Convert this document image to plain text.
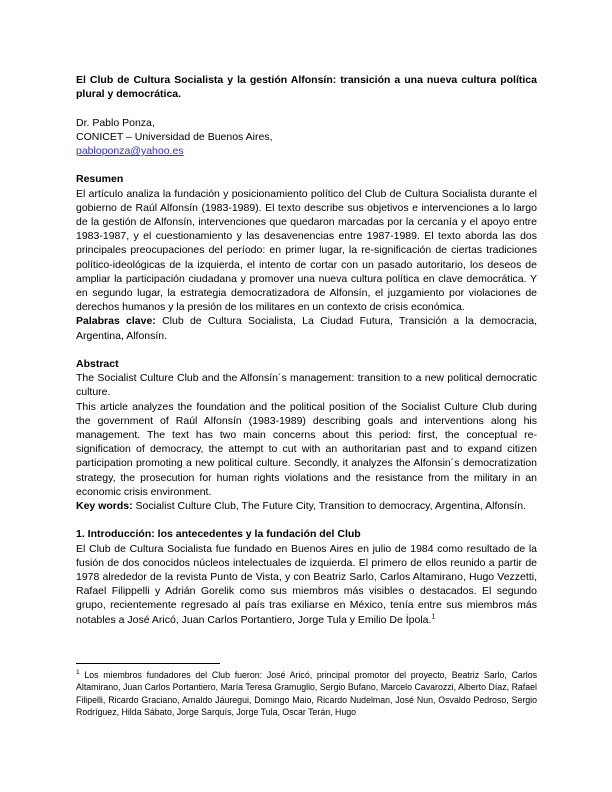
El Club de Cultura Socialista y la gestión Alfonsín: transición a una nueva cultura política plural y democrática.

Dr. Pablo Ponza,

CONICET – Universidad de Buenos Aires,

pabloponza@yahoo.es

Resumen

El artículo analiza la fundación y posicionamiento político del Club de Cultura Socialista durante el gobierno de Raúl Alfonsín (1983-1989). El texto describe sus objetivos e intervenciones a lo largo de la gestión de Alfonsín, intervenciones que quedaron marcadas por la cercanía y el apoyo entre 1983-1987, y el cuestionamiento y las desavenencias entre 1987-1989. El texto aborda las dos principales preocupaciones del período: en primer lugar, la re-significación de ciertas tradiciones político-ideológicas de la izquierda, el intento de cortar con un pasado autoritario, los deseos de ampliar la participación ciudadana y promover una nueva cultura política en clave democrática. Y en segundo lugar, la estrategia democratizadora de Alfonsín, el juzgamiento por violaciones de derechos humanos y la presión de los militares en un contexto de crisis económica.

Palabras clave: Club de Cultura Socialista, La Ciudad Futura, Transición a la democracia, Argentina, Alfonsín.

Abstract

The Socialist Culture Club and the Alfonsín´s management: transition to a new political democratic culture.

This article analyzes the foundation and the political position of the Socialist Culture Club during the government of Raúl Alfonsín (1983-1989) describing goals and interventions along his management. The text has two main concerns about this period: first, the conceptual re-signification of democracy, the attempt to cut with an authoritarian past and to expand citizen participation promoting a new political culture. Secondly, it analyzes the Alfonsin´s democratization strategy, the prosecution for human rights violations and the resistance from the military in an economic crisis environment.

Key words: Socialist Culture Club, The Future City, Transition to democracy, Argentina, Alfonsín.

1. Introducción: los antecedentes y la fundación del Club

El Club de Cultura Socialista fue fundado en Buenos Aires en julio de 1984 como resultado de la fusión de dos conocidos núcleos intelectuales de izquierda. El primero de ellos reunido a partir de 1978 alrededor de la revista Punto de Vista, y con Beatriz Sarlo, Carlos Altamirano, Hugo Vezzetti, Rafael Filippelli y Adrián Gorelik como sus miembros más visibles o destacados. El segundo grupo, recientemente regresado al país tras exiliarse en México, tenía entre sus miembros más notables a José Aricó, Juan Carlos Portantiero, Jorge Tula y Emilio De Ípola.$^1$

$^1$ Los miembros fundadores del Club fueron: José Aricó, principal promotor del proyecto, Beatriz Sarlo, Carlos Altamirano, Juan Carlos Portantiero, María Teresa Gramuglio, Sergio Bufano, Marcelo Cavarozzi, Alberto Díaz, Rafael Filipelli, Ricardo Graciano, Arnaldo Jáuregui, Domingo Maio, Ricardo Nudelman, José Nun, Osvaldo Pedroso, Sergio Rodríguez, Hilda Sábato, Jorge Sarquís, Jorge Tula, Oscar Terán, Hugo
